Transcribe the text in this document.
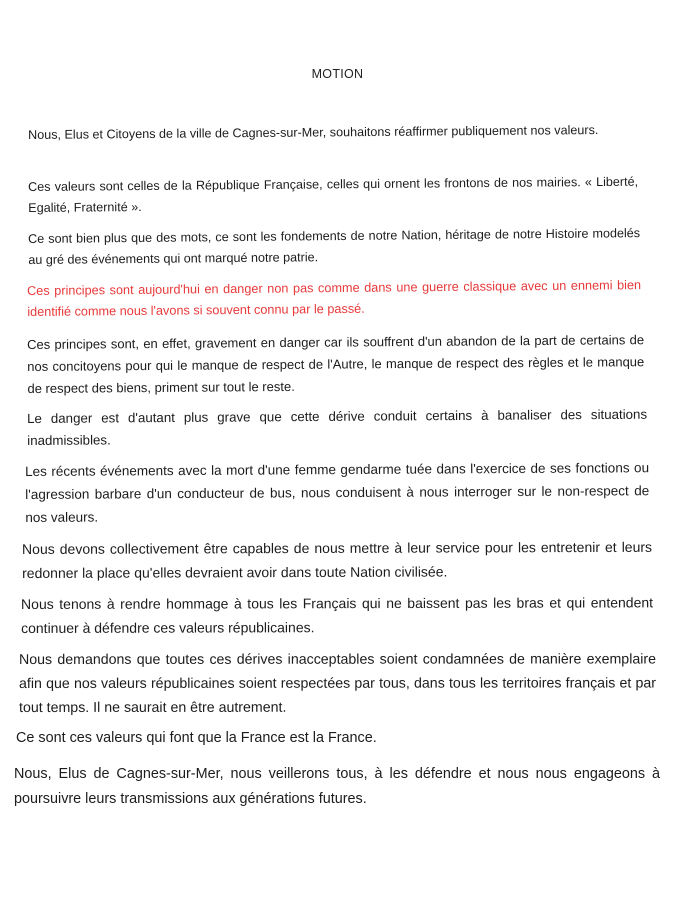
MOTION

Nous, Elus et Citoyens de la ville de Cagnes-sur-Mer, souhaitons réaffirmer publiquement nos valeurs.

Ces valeurs sont celles de la République Française, celles qui ornent les frontons de nos mairies. « Liberté, Egalité, Fraternité ».

Ce sont bien plus que des mots, ce sont les fondements de notre Nation, héritage de notre Histoire modelés au gré des événements qui ont marqué notre patrie.

Ces principes sont aujourd'hui en danger non pas comme dans une guerre classique avec un ennemi bien identifié comme nous l'avons si souvent connu par le passé.

Ces principes sont, en effet, gravement en danger car ils souffrent d'un abandon de la part de certains de nos concitoyens pour qui le manque de respect de l'Autre, le manque de respect des règles et le manque de respect des biens, priment sur tout le reste.

Le danger est d'autant plus grave que cette dérive conduit certains à banaliser des situations inadmissibles.

Les récents événements avec la mort d'une femme gendarme tuée dans l'exercice de ses fonctions ou l'agression barbare d'un conducteur de bus, nous conduisent à nous interroger sur le non-respect de nos valeurs.

Nous devons collectivement être capables de nous mettre à leur service pour les entretenir et leurs redonner la place qu'elles devraient avoir dans toute Nation civilisée.

Nous tenons à rendre hommage à tous les Français qui ne baissent pas les bras et qui entendent continuer à défendre ces valeurs républicaines.

Nous demandons que toutes ces dérives inacceptables soient condamnées de manière exemplaire afin que nos valeurs républicaines soient respectées par tous, dans tous les territoires français et par tout temps. Il ne saurait en être autrement.

Ce sont ces valeurs qui font que la France est la France.

Nous, Elus de Cagnes-sur-Mer, nous veillerons tous, à les défendre et nous nous engageons à poursuivre leurs transmissions aux générations futures.
